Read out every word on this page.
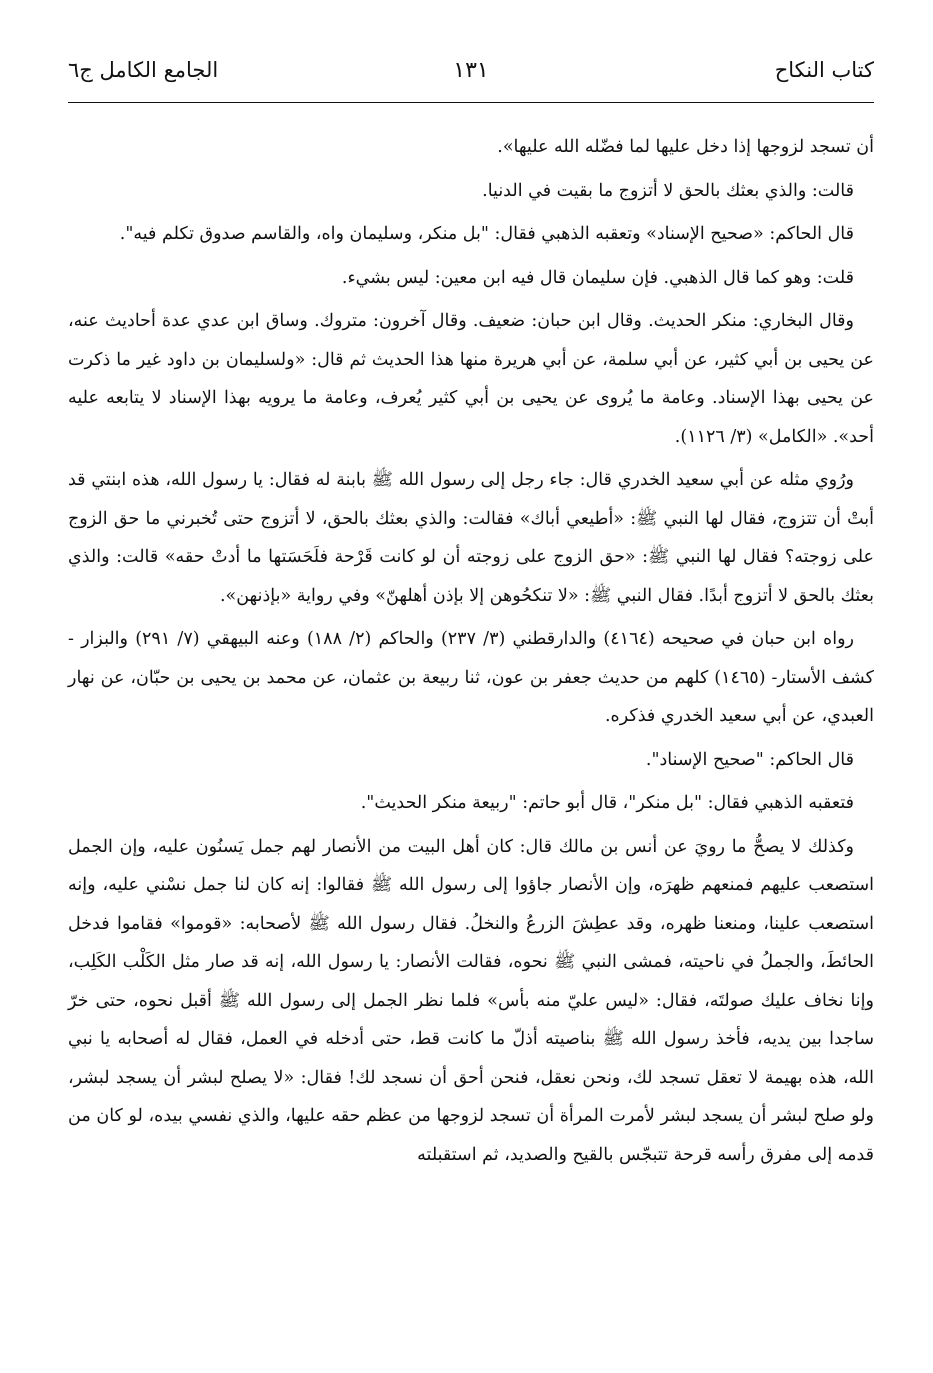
كتاب النكاح
١٣١
الجامع الكامل ج٦

أن تسجد لزوجها إذا دخل عليها لما فضّله الله عليها».

قالت: والذي بعثك بالحق لا أتزوج ما بقيت في الدنيا.

قال الحاكم: «صحيح الإسناد» وتعقبه الذهبي فقال: "بل منكر، وسليمان واه، والقاسم صدوق تكلم فيه".

قلت: وهو كما قال الذهبي. فإن سليمان قال فيه ابن معين: ليس بشيء.

وقال البخاري: منكر الحديث. وقال ابن حبان: ضعيف. وقال آخرون: متروك. وساق ابن عدي عدة أحاديث عنه، عن يحيى بن أبي كثير، عن أبي سلمة، عن أبي هريرة منها هذا الحديث ثم قال: «ولسليمان بن داود غير ما ذكرت عن يحيى بهذا الإسناد. وعامة ما يُروى عن يحيى بن أبي كثير يُعرف، وعامة ما يرويه بهذا الإسناد لا يتابعه عليه أحد». «الكامل» (٣/ ١١٢٦).

ورُوي مثله عن أبي سعيد الخدري قال: جاء رجل إلى رسول الله ﷺ بابنة له فقال: يا رسول الله، هذه ابنتي قد أبتْ أن تتزوج، فقال لها النبي ﷺ: «أطيعي أباك» فقالت: والذي بعثك بالحق، لا أتزوج حتى تُخبرني ما حق الزوج على زوجته؟ فقال لها النبي ﷺ: «حق الزوج على زوجته أن لو كانت قَرْحة فلَحَسَتها ما أدتْ حقه» قالت: والذي بعثك بالحق لا أتزوج أبدًا. فقال النبي ﷺ: «لا تنكحُوهن إلا بإذن أهلهنّ» وفي رواية «بإذنهن».

رواه ابن حبان في صحيحه (٤١٦٤) والدارقطني (٣/ ٢٣٧) والحاكم (٢/ ١٨٨) وعنه البيهقي (٧/ ٢٩١) والبزار - كشف الأستار- (١٤٦٥) كلهم من حديث جعفر بن عون، ثنا ربيعة بن عثمان، عن محمد بن يحيى بن حبّان، عن نهار العبدي، عن أبي سعيد الخدري فذكره.

قال الحاكم: "صحيح الإسناد".

فتعقبه الذهبي فقال: "بل منكر"، قال أبو حاتم: "ربيعة منكر الحديث".

وكذلك لا يصحُّ ما رويَ عن أنس بن مالك قال: كان أهل البيت من الأنصار لهم جمل يَسنُون عليه، وإن الجمل استصعب عليهم فمنعهم ظهرَه، وإن الأنصار جاؤوا إلى رسول الله ﷺ فقالوا: إنه كان لنا جمل نسْني عليه، وإنه استصعب علينا، ومنعنا ظهره، وقد عطِشَ الزرعُ والنخلُ. فقال رسول الله ﷺ لأصحابه: «قوموا» فقاموا فدخل الحائطَ، والجملُ في ناحيته، فمشى النبي ﷺ نحوه، فقالت الأنصار: يا رسول الله، إنه قد صار مثل الكَلْب الكَلِب، وإنا نخاف عليك صولتَه، فقال: «ليس عليّ منه بأس» فلما نظر الجمل إلى رسول الله ﷺ أقبل نحوه، حتى خرّ ساجدا بين يديه، فأخذ رسول الله ﷺ بناصيته أذلّ ما كانت قط، حتى أدخله في العمل، فقال له أصحابه يا نبي الله، هذه بهيمة لا تعقل تسجد لك، ونحن نعقل، فنحن أحق أن نسجد لك! فقال: «لا يصلح لبشر أن يسجد لبشر، ولو صلح لبشر أن يسجد لبشر لأمرت المرأة أن تسجد لزوجها من عظم حقه عليها، والذي نفسي بيده، لو كان من قدمه إلى مفرق رأسه قرحة تتبجّس بالقيح والصديد، ثم استقبلته
